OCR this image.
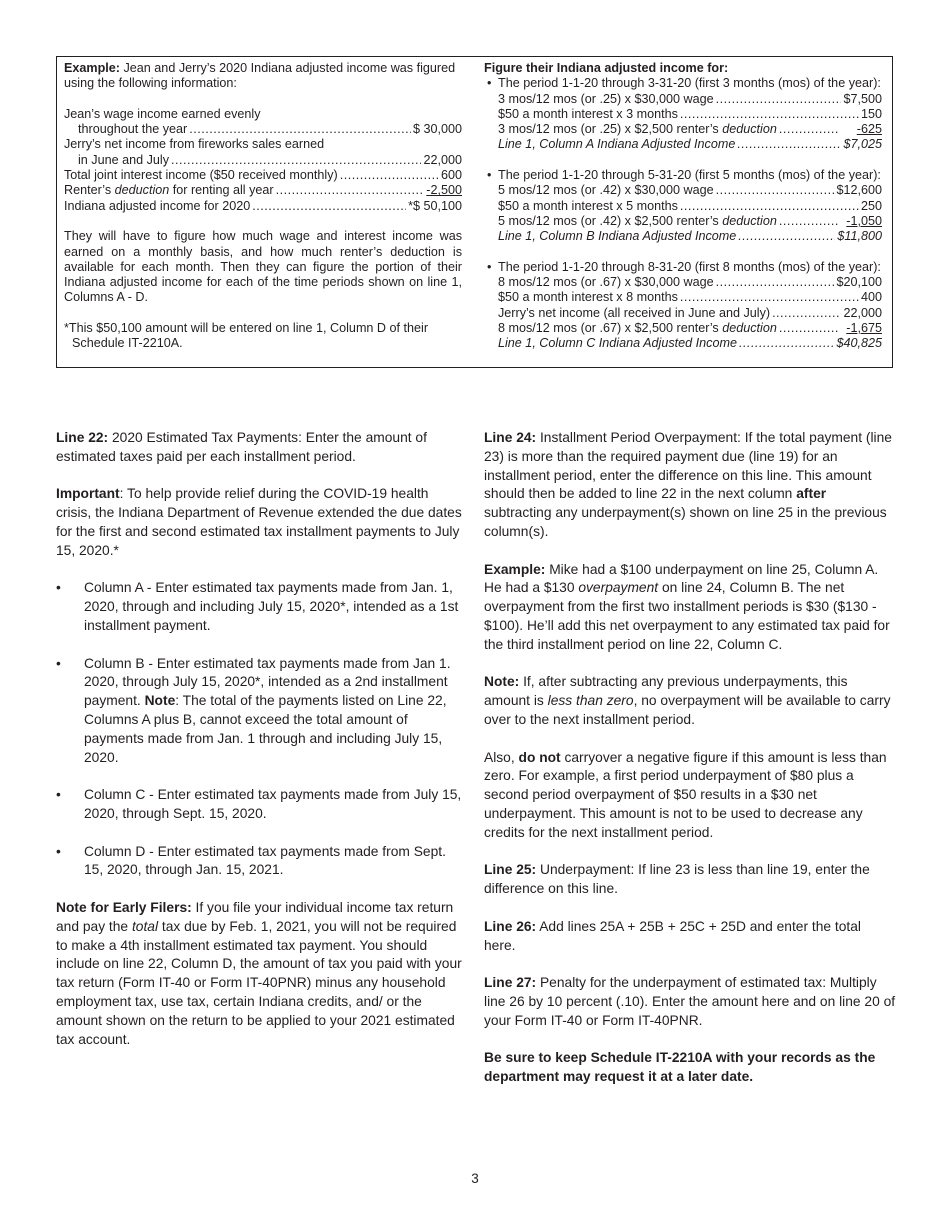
Example: Jean and Jerry’s 2020 Indiana adjusted income was figured using the following information:

Jean’s wage income earned evenly
throughout the year .....	$ 30,000
Jerry’s net income from fireworks sales earned
in June and July .....	22,000
Total joint interest income ($50 received monthly) .....	600
Renter’s deduction for renting all year .....	-2,500
Indiana adjusted income for 2020 .....	*$ 50,100

They will have to figure how much wage and interest income was earned on a monthly basis, and how much renter’s deduction is available for each month. Then they can figure the portion of their Indiana adjusted income for each of the time periods shown on line 1, Columns A - D.

*This $50,100 amount will be entered on line 1, Column D of their
Schedule IT-2210A.
Figure their Indiana adjusted income for:
• The period 1-1-20 through 3-31-20 (first 3 months (mos) of the year):
3 mos/12 mos (or .25) x $30,000 wage .....	$7,500
$50 a month interest x 3 months .....	150
3 mos/12 mos (or .25) x $2,500 renter’s deduction .....	-625
Line 1, Column A Indiana Adjusted Income .....	$7,025
• The period 1-1-20 through 5-31-20 (first 5 months (mos) of the year):
5 mos/12 mos (or .42) x $30,000 wage .....	$12,600
$50 a month interest x 5 months .....	250
5 mos/12 mos (or .42) x $2,500 renter’s deduction .....	-1,050
Line 1, Column B Indiana Adjusted Income .....	$11,800
• The period 1-1-20 through 8-31-20 (first 8 months (mos) of the year):
8 mos/12 mos (or .67) x $30,000 wage .....	$20,100
$50 a month interest x 8 months .....	400
Jerry’s net income (all received in June and July) .....	22,000
8 mos/12 mos (or .67) x $2,500 renter’s deduction .....	-1,675
Line 1, Column C Indiana Adjusted Income .....	$40,825

Line 22: 2020 Estimated Tax Payments: Enter the amount of estimated taxes paid per each installment period.

Important: To help provide relief during the COVID-19 health crisis, the Indiana Department of Revenue extended the due dates for the first and second estimated tax installment payments to July 15, 2020.*

• Column A - Enter estimated tax payments made from Jan. 1, 2020, through and including July 15, 2020*, intended as a 1st installment payment.
• Column B - Enter estimated tax payments made from Jan 1. 2020, through July 15, 2020*, intended as a 2nd installment payment. Note: The total of the payments listed on Line 22, Columns A plus B, cannot exceed the total amount of payments made from Jan. 1 through and including July 15, 2020.
• Column C - Enter estimated tax payments made from July 15, 2020, through Sept. 15, 2020.
• Column D - Enter estimated tax payments made from Sept. 15, 2020, through Jan. 15, 2021.

Note for Early Filers: If you file your individual income tax return and pay the total tax due by Feb. 1, 2021, you will not be required to make a 4th installment estimated tax payment. You should include on line 22, Column D, the amount of tax you paid with your tax return (Form IT-40 or Form IT-40PNR) minus any household employment tax, use tax, certain Indiana credits, and/ or the amount shown on the return to be applied to your 2021 estimated tax account.

Line 24: Installment Period Overpayment: If the total payment (line 23) is more than the required payment due (line 19) for an installment period, enter the difference on this line. This amount should then be added to line 22 in the next column after subtracting any underpayment(s) shown on line 25 in the previous column(s).

Example: Mike had a $100 underpayment on line 25, Column A. He had a $130 overpayment on line 24, Column B. The net overpayment from the first two installment periods is $30 ($130 - $100). He’ll add this net overpayment to any estimated tax paid for the third installment period on line 22, Column C.

Note: If, after subtracting any previous underpayments, this amount is less than zero, no overpayment will be available to carry over to the next installment period.

Also, do not carryover a negative figure if this amount is less than zero. For example, a first period underpayment of $80 plus a second period overpayment of $50 results in a $30 net underpayment. This amount is not to be used to decrease any credits for the next installment period.

Line 25: Underpayment: If line 23 is less than line 19, enter the difference on this line.

Line 26: Add lines 25A + 25B + 25C + 25D and enter the total here.

Line 27: Penalty for the underpayment of estimated tax: Multiply line 26 by 10 percent (.10). Enter the amount here and on line 20 of your Form IT-40 or Form IT-40PNR.

Be sure to keep Schedule IT-2210A with your records as the department may request it at a later date.

3
